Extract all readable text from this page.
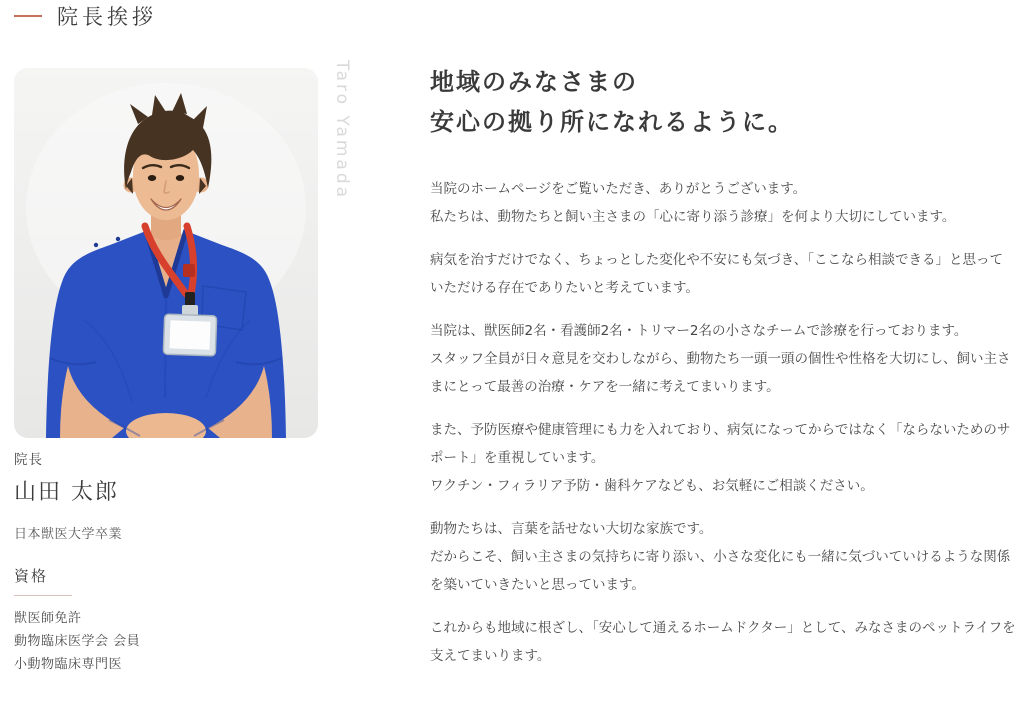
院長挨拶

院長

山田 太郎

日本獣医大学卒業

資格
獣医師免許
動物臨床医学会 会員
小動物臨床専門医
Taro Yamada	地域のみなさまの
安心の拠り所になれるように。

当院のホームページをご覧いただき、ありがとうございます。
私たちは、動物たちと飼い主さまの「心に寄り添う診療」を何より大切にしています。

病気を治すだけでなく、ちょっとした変化や不安にも気づき、「ここなら相談できる」と思っていただける存在でありたいと考えています。

当院は、獣医師2名・看護師2名・トリマー2名の小さなチームで診療を行っております。
スタッフ全員が日々意見を交わしながら、動物たち一頭一頭の個性や性格を大切にし、飼い主さまにとって最善の治療・ケアを一緒に考えてまいります。

また、予防医療や健康管理にも力を入れており、病気になってからではなく「ならないためのサポート」を重視しています。
ワクチン・フィラリア予防・歯科ケアなども、お気軽にご相談ください。

動物たちは、言葉を話せない大切な家族です。
だからこそ、飼い主さまの気持ちに寄り添い、小さな変化にも一緒に気づいていけるような関係を築いていきたいと思っています。

これからも地域に根ざし、「安心して通えるホームドクター」として、みなさまのペットライフを支えてまいります。
